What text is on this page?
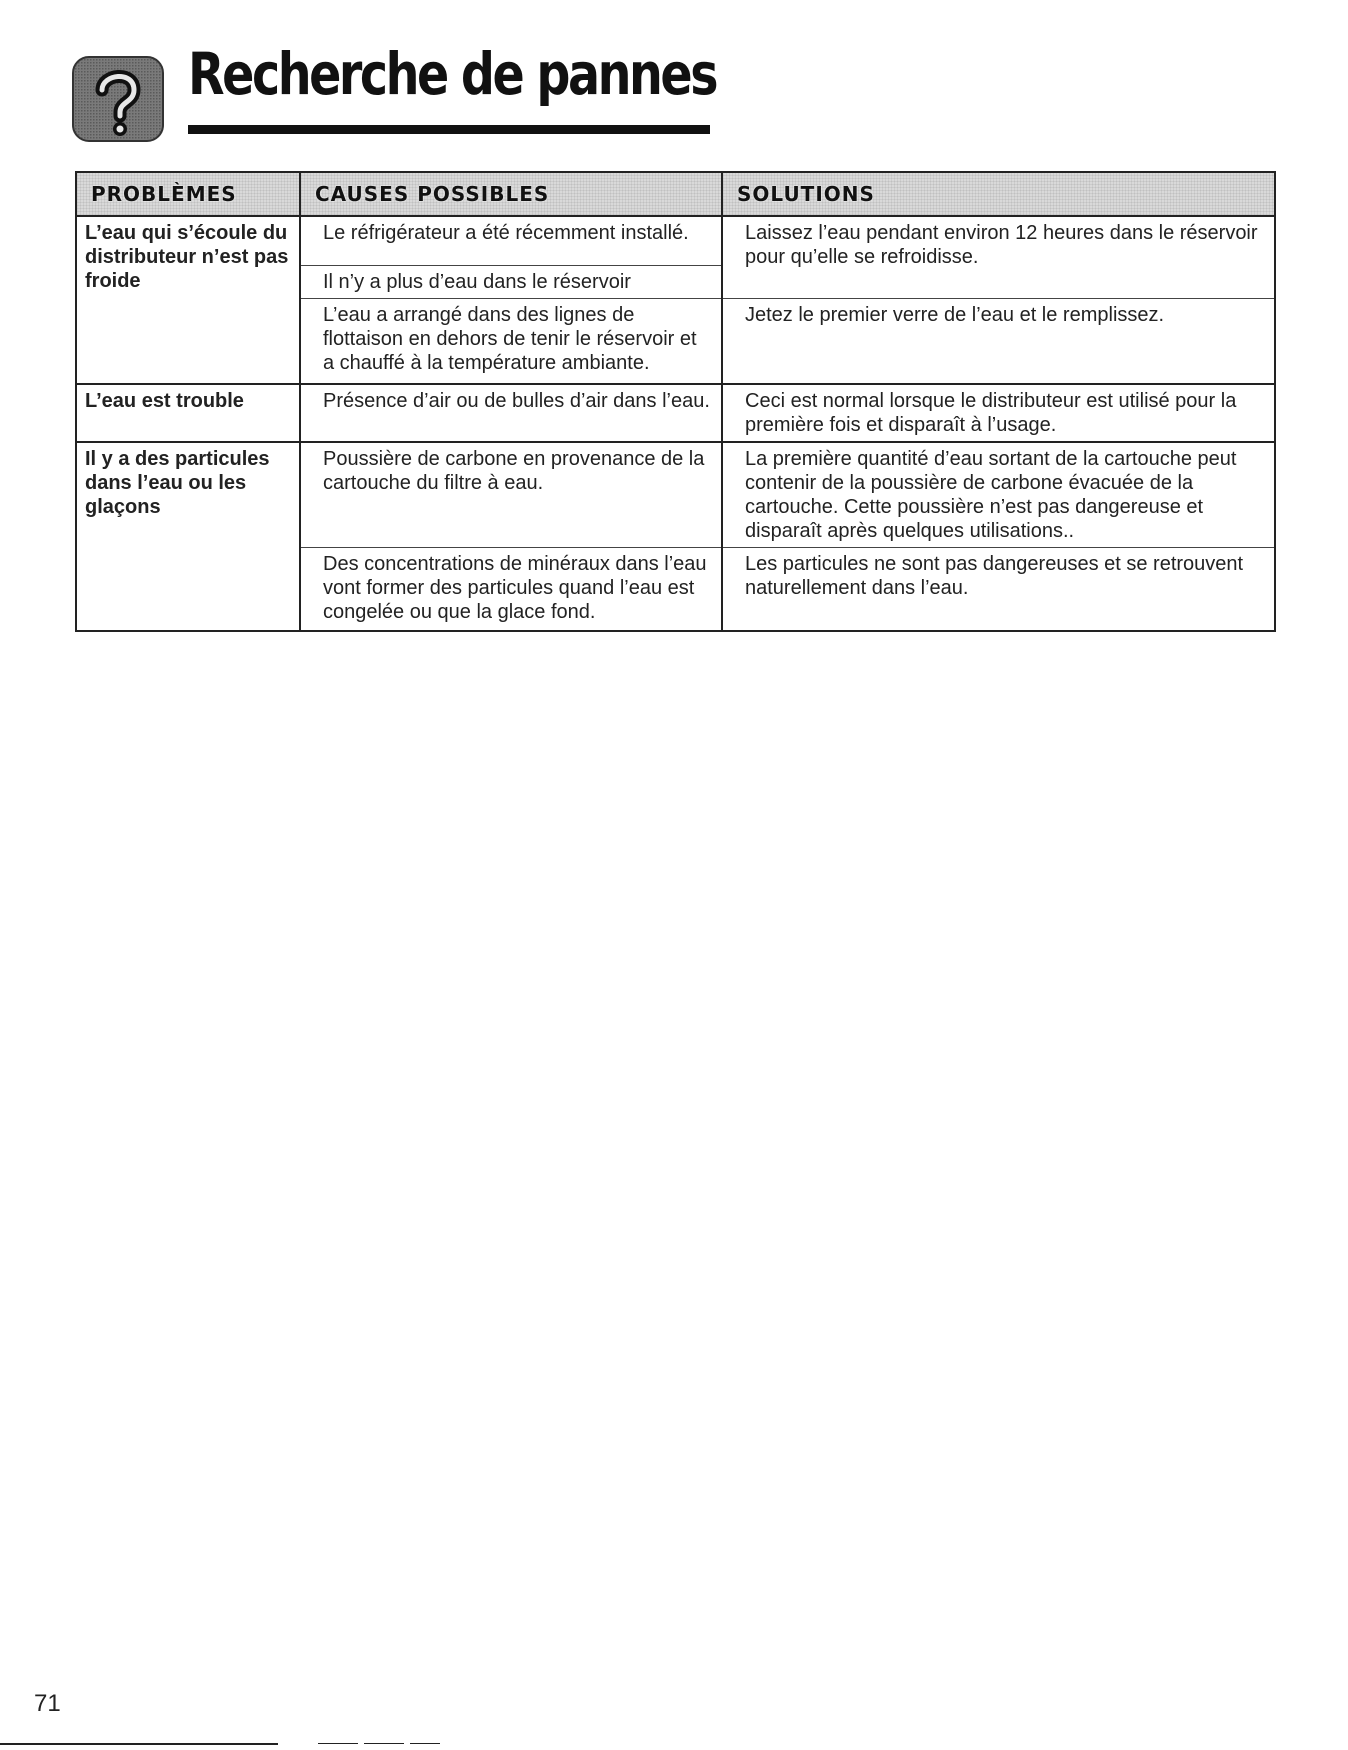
Recherche de pannes
PROBLÈMES	CAUSES POSSIBLES	SOLUTIONS

L’eau qui s’écoule du distributeur n’est pas froide	Le réfrigérateur a été récemment installé.	Laissez l’eau pendant environ 12 heures dans le réservoir pour qu’elle se refroidisse.
	Il n’y a plus d’eau dans le réservoir	
	L’eau a arrangé dans des lignes de flottaison en dehors de tenir le réservoir et a chauffé à la température ambiante.	Jetez le premier verre de l’eau et le remplissez.

L’eau est trouble	Présence d’air ou de bulles d’air dans l’eau.	Ceci est normal lorsque le distributeur est utilisé pour la première fois et disparaît à l’usage.

Il y a des particules dans l’eau ou les glaçons	Poussière de carbone en provenance de la cartouche du filtre à eau.	La première quantité d’eau sortant de la cartouche peut contenir de la poussière de carbone évacuée de la cartouche. Cette poussière n’est pas dangereuse et disparaît après quelques utilisations..
	Des concentrations de minéraux dans l’eau vont former des particules quand l’eau est congelée ou que la glace fond.	Les particules ne sont pas dangereuses et se retrouvent naturellement dans l’eau.
71
